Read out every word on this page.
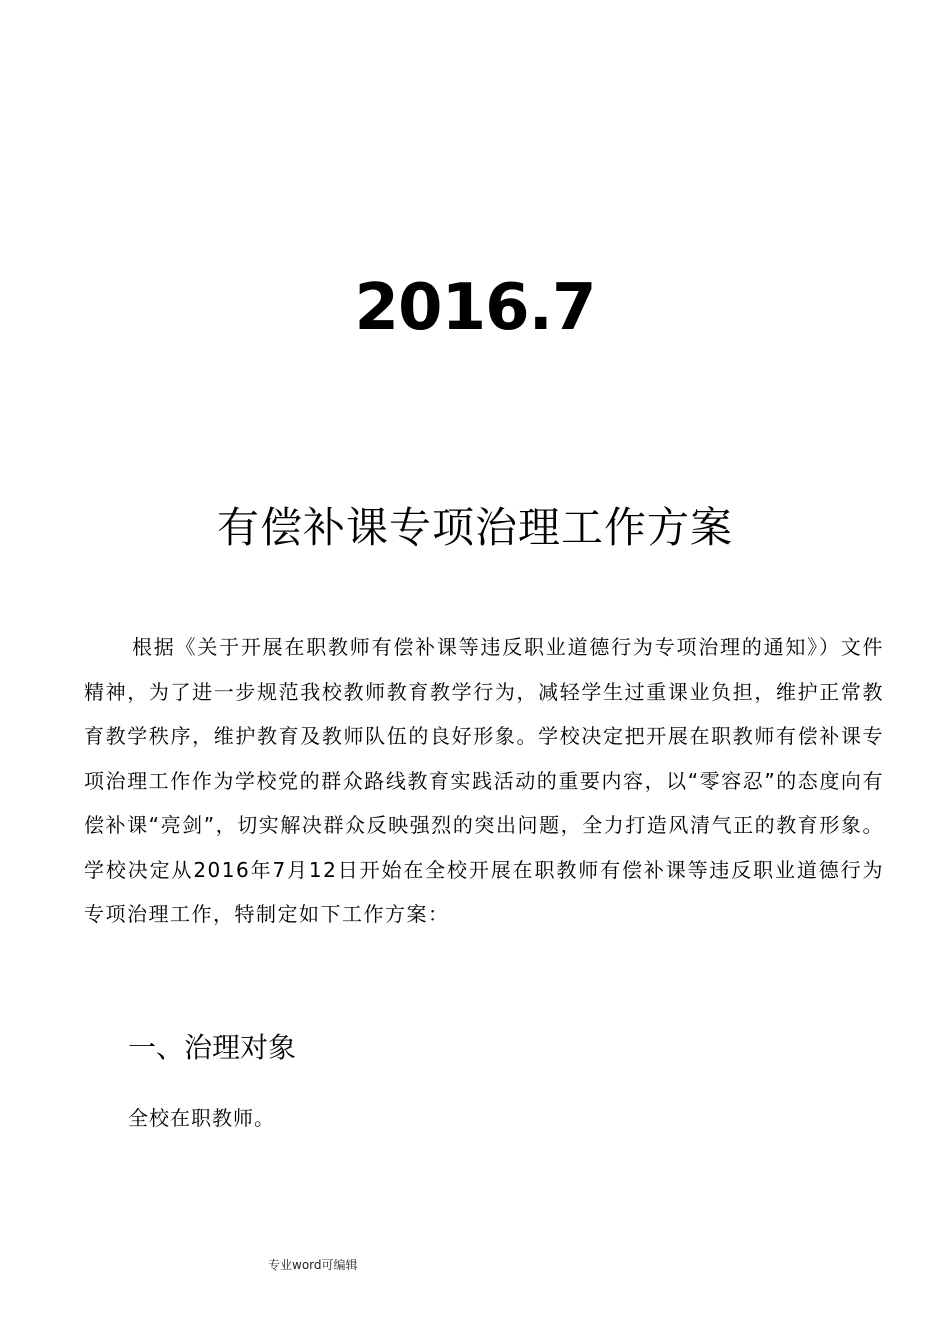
2016.7
有偿补课专项治理工作方案

根据《关于开展在职教师有偿补课等违反职业道德行为专项治理的通知》）文件精神，为了进一步规范我校教师教育教学行为，减轻学生过重课业负担，维护正常教育教学秩序，维护教育及教师队伍的良好形象。学校决定把开展在职教师有偿补课专项治理工作作为学校党的群众路线教育实践活动的重要内容，以“零容忍”的态度向有偿补课“亮剑”，切实解决群众反映强烈的突出问题，全力打造风清气正的教育形象。学校决定从2016年7月12日开始在全校开展在职教师有偿补课等违反职业道德行为专项治理工作，特制定如下工作方案：

一、治理对象

全校在职教师。

专业word可编辑
